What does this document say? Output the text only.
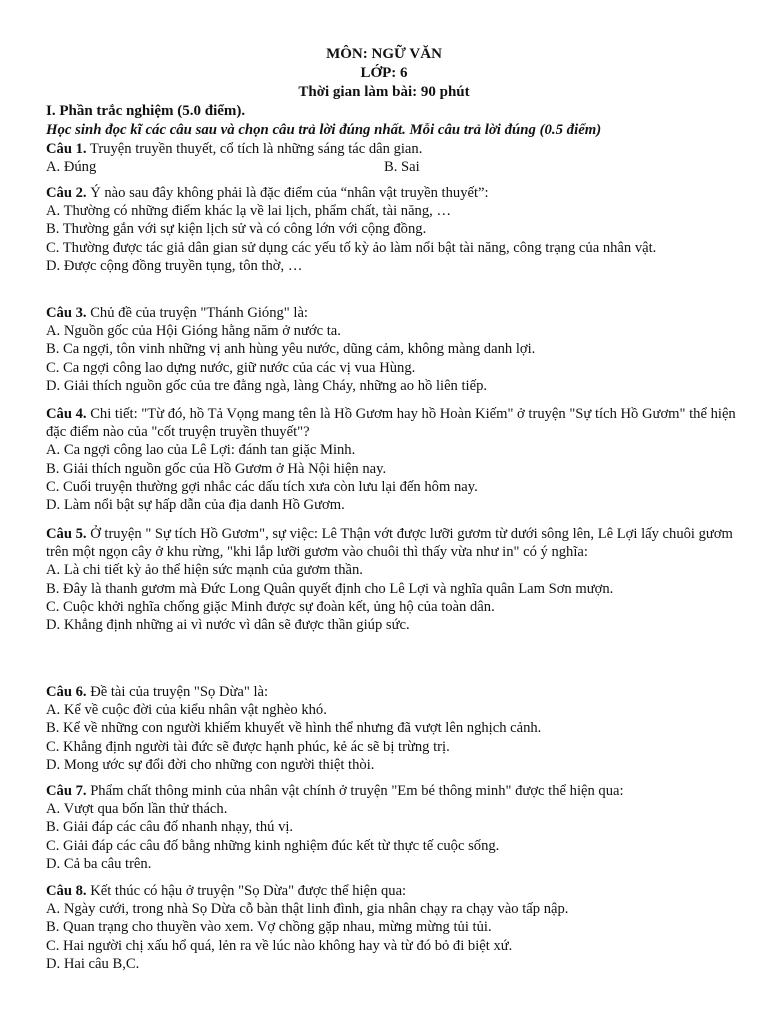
MÔN: NGỮ VĂN
LỚP: 6
Thời gian làm bài: 90 phút
I. Phần trắc nghiệm (5.0 điểm).
Học sinh đọc kĩ các câu sau và chọn câu trả lời đúng nhất. Mỗi câu trả lời đúng (0.5 điểm)
Câu 1. Truyện truyền thuyết, cổ tích là những sáng tác dân gian.
A. Đúng	B. Sai
Câu 2. Ý nào sau đây không phải là đặc điểm của “nhân vật truyền thuyết”:
A. Thường có những điểm khác lạ về lai lịch, phẩm chất, tài năng, …
B. Thường gắn với sự kiện lịch sử và có công lớn với cộng đồng.
C. Thường được tác giả dân gian sử dụng các yếu tố kỳ ảo làm nổi bật tài năng, công trạng của nhân vật.
D. Được cộng đồng truyền tụng, tôn thờ, …
Câu 3. Chủ đề của truyện "Thánh Gióng" là:
A. Nguồn gốc của Hội Gióng hằng năm ở nước ta.
B. Ca ngợi, tôn vinh những vị anh hùng yêu nước, dũng cảm, không màng danh lợi.
C. Ca ngợi công lao dựng nước, giữ nước của các vị vua Hùng.
D. Giải thích nguồn gốc của tre đằng ngà, làng Cháy, những ao hồ liên tiếp.
Câu 4. Chi tiết: "Từ đó, hồ Tả Vọng mang tên là Hồ Gươm hay hồ Hoàn Kiếm" ở truyện "Sự tích Hồ Gươm" thể hiện đặc điểm nào của "cốt truyện truyền thuyết"?
A. Ca ngợi công lao của Lê Lợi: đánh tan giặc Minh.
B. Giải thích nguồn gốc của Hồ Gươm ở Hà Nội hiện nay.
C. Cuối truyện thường gợi nhắc các dấu tích xưa còn lưu lại đến hôm nay.
D. Làm nổi bật sự hấp dẫn của địa danh Hồ Gươm.
Câu 5. Ở truyện " Sự tích Hồ Gươm", sự việc: Lê Thận vớt được lưỡi gươm từ dưới sông lên, Lê Lợi lấy chuôi gươm trên một ngọn cây ở khu rừng, "khi lắp lưỡi gươm vào chuôi thì thấy vừa như in" có ý nghĩa:
A. Là chi tiết kỳ ảo thể hiện sức mạnh của gươm thần.
B. Đây là thanh gươm mà Đức Long Quân quyết định cho Lê Lợi và nghĩa quân Lam Sơn mượn.
C. Cuộc khởi nghĩa chống giặc Minh được sự đoàn kết, ủng hộ của toàn dân.
D. Khẳng định những ai vì nước vì dân sẽ được thần giúp sức.
Câu 6. Đề tài của truyện "Sọ Dừa" là:
A. Kể về cuộc đời của kiểu nhân vật nghèo khó.
B. Kể về những con người khiếm khuyết về hình thể nhưng đã vượt lên nghịch cảnh.
C. Khẳng định người tài đức sẽ được hạnh phúc, kẻ ác sẽ bị trừng trị.
D. Mong ước sự đổi đời cho những con người thiệt thòi.
Câu 7. Phẩm chất thông minh của nhân vật chính ở truyện "Em bé thông minh" được thể hiện qua:
A. Vượt qua bốn lần thử thách.
B. Giải đáp các câu đố nhanh nhạy, thú vị.
C. Giải đáp các câu đố bằng những kinh nghiệm đúc kết từ thực tế cuộc sống.
D. Cả ba câu trên.
Câu 8. Kết thúc có hậu ở truyện "Sọ Dừa" được thể hiện qua:
A. Ngày cưới, trong nhà Sọ Dừa cỗ bàn thật linh đình, gia nhân chạy ra chạy vào tấp nập.
B. Quan trạng cho thuyền vào xem. Vợ chồng gặp nhau, mừng mừng tủi tủi.
C. Hai người chị xấu hổ quá, lẻn ra về lúc nào không hay và từ đó bỏ đi biệt xứ.
D. Hai câu B,C.
